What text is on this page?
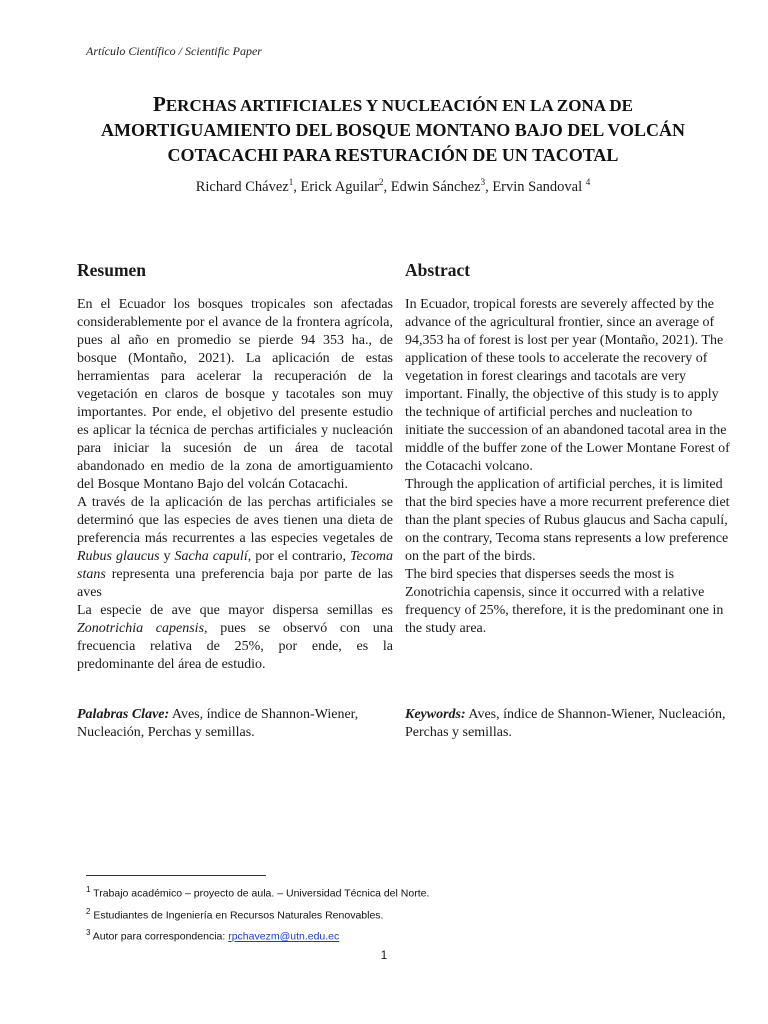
Artículo Científico / Scientific Paper
PERCHAS ARTIFICIALES Y NUCLEACIÓN EN LA ZONA DE
AMORTIGUAMIENTO DEL BOSQUE MONTANO BAJO DEL VOLCÁN
COTACACHI PARA RESTURACIÓN DE UN TACOTAL
Richard Chávez$^1$, Erick Aguilar$^2$, Edwin Sánchez$^3$, Ervin Sandoval $^4$
Resumen

En el Ecuador los bosques tropicales son afectadas considerablemente por el avance de la frontera agrícola, pues al año en promedio se pierde 94 353 ha., de bosque (Montaño, 2021). La aplicación de estas herramientas para acelerar la recuperación de la vegetación en claros de bosque y tacotales son muy importantes. Por ende, el objetivo del presente estudio es aplicar la técnica de perchas artificiales y nucleación para iniciar la sucesión de un área de tacotal abandonado en medio de la zona de amortiguamiento del Bosque Montano Bajo del volcán Cotacachi.

A través de la aplicación de las perchas artificiales se determinó que las especies de aves tienen una dieta de preferencia más recurrentes a las especies vegetales de Rubus glaucus y Sacha capulí, por el contrario, Tecoma stans representa una preferencia baja por parte de las aves

La especie de ave que mayor dispersa semillas es Zonotrichia capensis, pues se observó con una frecuencia relativa de 25%, por ende, es la predominante del área de estudio.

Abstract

In Ecuador, tropical forests are severely affected by the advance of the agricultural frontier, since an average of 94,353 ha of forest is lost per year (Montaño, 2021). The application of these tools to accelerate the recovery of vegetation in forest clearings and tacotals are very important. Finally, the objective of this study is to apply the technique of artificial perches and nucleation to initiate the succession of an abandoned tacotal area in the middle of the buffer zone of the Lower Montane Forest of the Cotacachi volcano.

Through the application of artificial perches, it is limited that the bird species have a more recurrent preference diet than the plant species of Rubus glaucus and Sacha capulí, on the contrary, Tecoma stans represents a low preference on the part of the birds.

The bird species that disperses seeds the most is Zonotrichia capensis, since it occurred with a relative frequency of 25%, therefore, it is the predominant one in the study area.

Palabras Clave: Aves, índice de Shannon-Wiener, Nucleación, Perchas y semillas.
Keywords: Aves, índice de Shannon-Wiener, Nucleación, Perchas y semillas.
$^1$ Trabajo académico – proyecto de aula. – Universidad Técnica del Norte.
$^2$ Estudiantes de Ingeniería en Recursos Naturales Renovables.
$^3$ Autor para correspondencia: rpchavezm@utn.edu.ec
1
